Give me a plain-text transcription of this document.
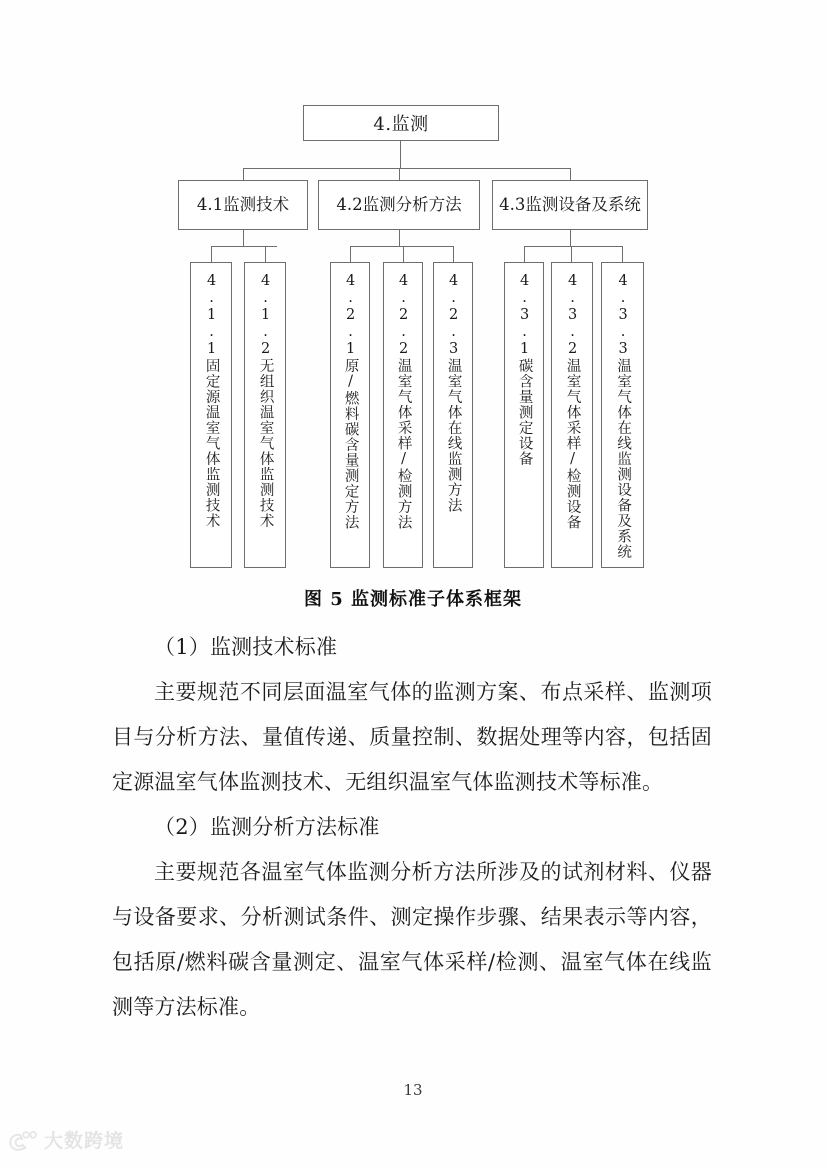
4.监测
4.1监测技术	4.2监测分析方法 4.3监测设备及系统
4.1.1固定源温室气体监测技术	4.1.2无组织温室气体监测技术	4.2.1原/燃料碳含量测定方法	4.2.2温室气体采样/检测方法 4.2.3温室气体在线监测方法	4.3.1碳含量测定设备 4.3.2温室气体采样/检测设备 4.3.3温室气体在线监测设备及系统
图 5 监测标准子体系框架

（1）监测技术标准

主要规范不同层面温室气体的监测方案、布点采样、监测项目与分析方法、量值传递、质量控制、数据处理等内容，包括固定源温室气体监测技术、无组织温室气体监测技术等标准。

（2）监测分析方法标准

主要规范各温室气体监测分析方法所涉及的试剂材料、仪器与设备要求、分析测试条件、测定操作步骤、结果表示等内容，包括原/燃料碳含量测定、温室气体采样/检测、温室气体在线监测等方法标准。

13
大数跨境
